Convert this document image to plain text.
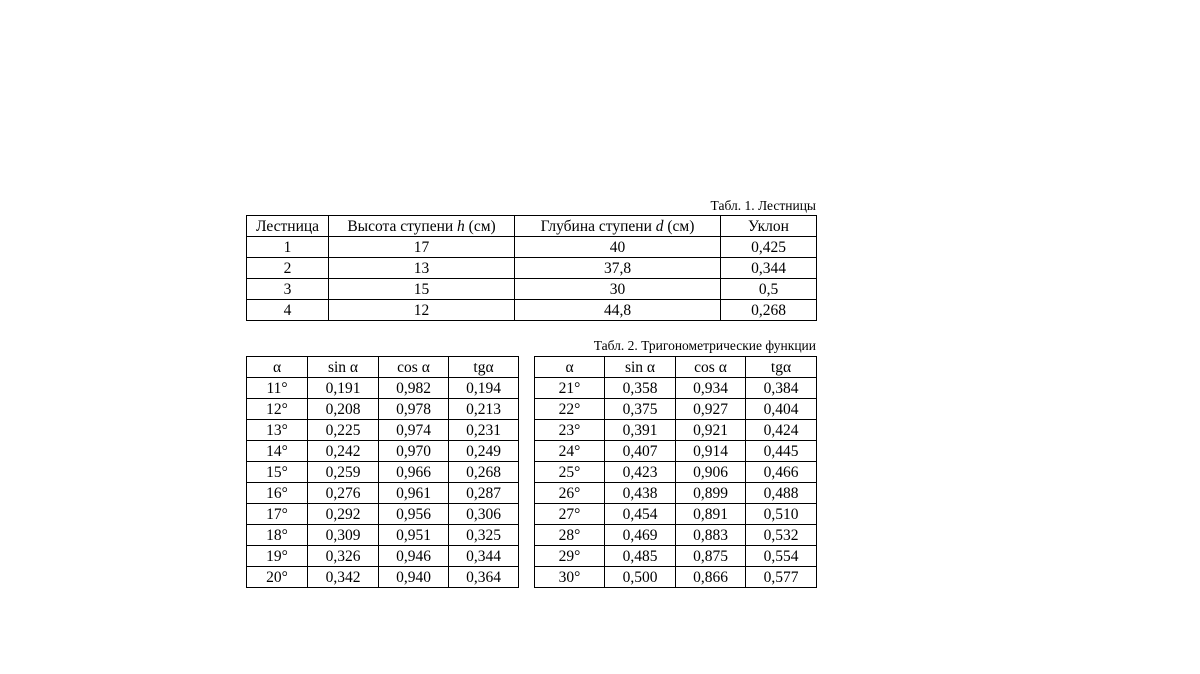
Табл. 1. Лестницы
Лестница	Высота ступени h (см)	Глубина ступени d (см)	Уклон
1	17	40	0,425
2	13	37,8	0,344
3	15	30	0,5
4	12	44,8	0,268
Табл. 2. Тригонометрические функции
α	sin α	cos α	tgα
11°	0,191	0,982	0,194
12°	0,208	0,978	0,213
13°	0,225	0,974	0,231
14°	0,242	0,970	0,249
15°	0,259	0,966	0,268
16°	0,276	0,961	0,287
17°	0,292	0,956	0,306
18°	0,309	0,951	0,325
19°	0,326	0,946	0,344
20°	0,342	0,940	0,364
α	sin α	cos α	tgα
21°	0,358	0,934	0,384
22°	0,375	0,927	0,404
23°	0,391	0,921	0,424
24°	0,407	0,914	0,445
25°	0,423	0,906	0,466
26°	0,438	0,899	0,488
27°	0,454	0,891	0,510
28°	0,469	0,883	0,532
29°	0,485	0,875	0,554
30°	0,500	0,866	0,577
